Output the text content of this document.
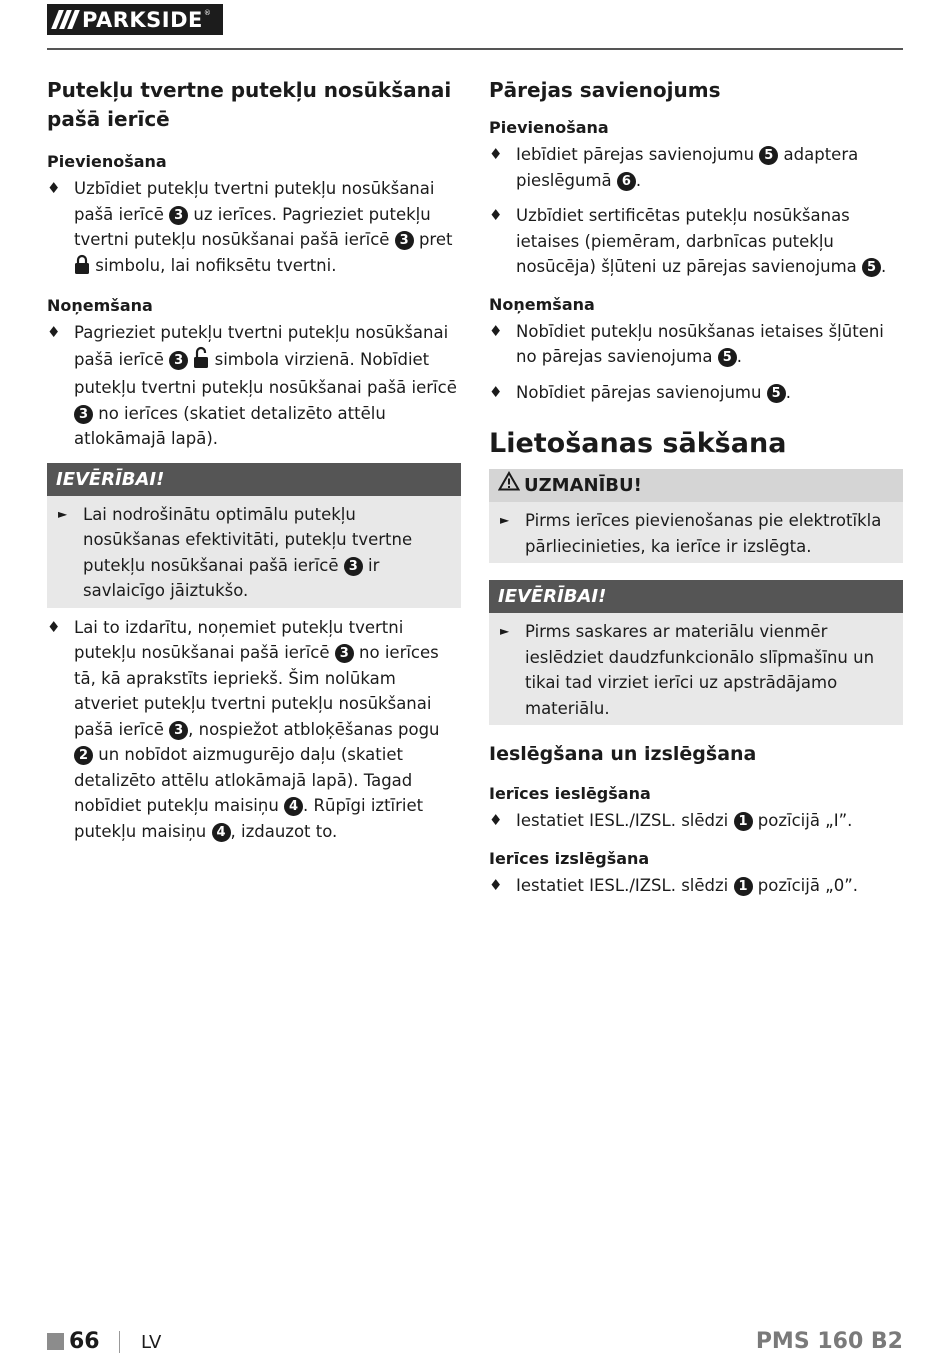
PARKSIDE ®
Putekļu tvertne putekļu nosūkšanai pašā ierīcē
Pievienošana
♦ Uzbīdiet putekļu tvertni putekļu nosūkšanai pašā ierīcē 3 uz ierīces. Pagrieziet putekļu tvertni putekļu nosūkšanai pašā ierīcē 3 pret  simbolu, lai nofiksētu tvertni.
Noņemšana
♦ Pagrieziet putekļu tvertni putekļu nosūkšanai pašā ierīcē 3 simbola virzienā. Nobīdiet putekļu tvertni putekļu nosūkšanai pašā ierīcē 3 no ierīces (skatiet detalizēto attēlu atlokāmajā lapā).
IEVĒRĪBAI!
► Lai nodrošinātu optimālu putekļu nosūkšanas efektivitāti, putekļu tvertne putekļu nosūkšanai pašā ierīcē 3 ir savlaicīgo jāiztukšo.
♦ Lai to izdarītu, noņemiet putekļu tvertni putekļu nosūkšanai pašā ierīcē 3 no ierīces tā, kā aprakstīts iepriekš. Šim nolūkam atveriet putekļu tvertni putekļu nosūkšanai pašā ierīcē 3 , nospiežot atbloķēšanas pogu 2 un nobīdot aizmugurējo daļu (skatiet detalizēto attēlu atlokāmajā lapā). Tagad nobīdiet putekļu maisiņu 4 . Rūpīgi iztīriet putekļu maisiņu 4 , izdauzot to.
Pārejas savienojums
Pievienošana
♦ Iebīdiet pārejas savienojumu 5 adaptera pieslēgumā 6 .
♦ Uzbīdiet sertificētas putekļu nosūkšanas ietaises (piemēram, darbnīcas putekļu nosūcēja) šļūteni uz pārejas savienojuma 5 .
Noņemšana
♦ Nobīdiet putekļu nosūkšanas ietaises šļūteni no pārejas savienojuma 5 .
♦ Nobīdiet pārejas savienojumu 5 .
Lietošanas sākšana
UZMANĪBU!
► Pirms ierīces pievienošanas pie elektrotīkla pārliecinieties, ka ierīce ir izslēgta.
IEVĒRĪBAI!
► Pirms saskares ar materiālu vienmēr ieslēdziet daudzfunkcionālo slīpmašīnu un tikai tad virziet ierīci uz apstrādājamo materiālu.
Ieslēgšana un izslēgšana
Ierīces ieslēgšana
♦ Iestatiet IESL./IZSL. slēdzi 1 pozīcijā „I”.
Ierīces izslēgšana
♦ Iestatiet IESL./IZSL. slēdzi 1 pozīcijā „0”.
66 LV	PMS 160 B2
